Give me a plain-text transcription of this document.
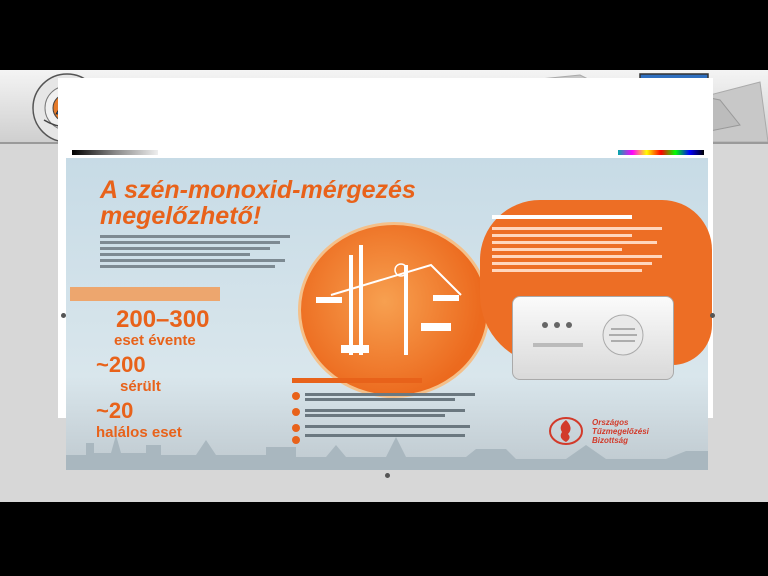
A szén-monoxid-mérgezés
megelőzhető!
200–300
eset évente
~200
sérült
~20
halálos eset
Országos
Tűzmegelőzési
Bizottság
